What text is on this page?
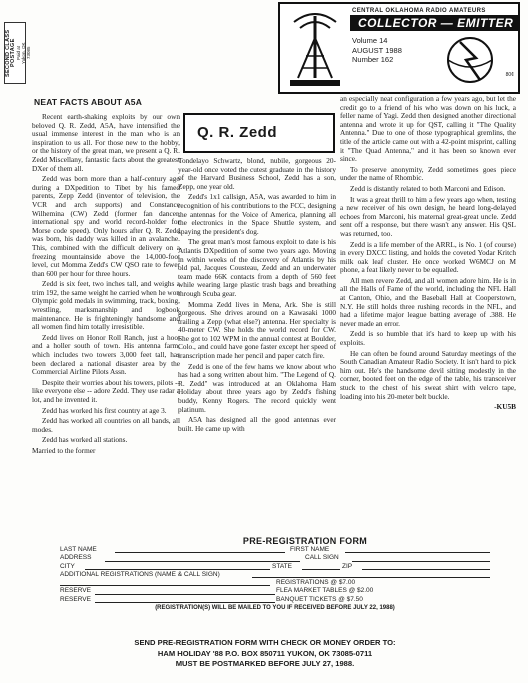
SECOND CLASS POSTAGE Paid at Yukon, OK 73085
CENTRAL OKLAHOMA RADIO AMATEURS
COLLECTOR — EMITTER
Volume 14
AUGUST 1988
Number 162
80¢
NEAT FACTS ABOUT A5A

Recent earth-shaking exploits by our own beloved Q. R. Zedd, A5A, have intensified the usual immense interest in the man who is an inspiration to us all. For those new to the hobby, or the history of the great man, we present a Q. R. Zedd Miscellany, fantastic facts about the greatest DXer of them all.

Zedd was born more than a half-century ago during a DXpedition to Tibet by his famed parents, Zepp Zedd (inventor of television, the VCR and arch supports) and Constance Wilhemina (CW) Zedd (former fan dancer, international spy and world record-holder for Morse code speed). Only hours after Q. R. Zedd was born, his daddy was killed in an avalanche. This, combined with the difficult delivery on a freezing mountainside above the 14,000-foot level, cut Momma Zedd's CW QSO rate to fewer than 600 per hour for three hours.

Zedd is six feet, two inches tall, and weighs a trim 192, the same weight he carried when he won Olympic gold medals in swimming, track, boxing, wrestling, marksmanship and logbook maintenance. He is frighteningly handsome and all women find him totally irresistible.

Zedd lives on Honor Roll Ranch, just a hoot and a holler south of town. His antenna farm, which includes two towers 3,000 feet tall, has been declared a national disaster area by the Commercial Airline Pilots Assn.

Despite their worries about his towers, pilots -- like everyone else -- adore Zedd. They use radar a lot, and he invented it.

Zedd has worked his first country at age 3.

Zedd has worked all countries on all bands, all modes.

Zedd has worked all stations.

Married to the former

Q. R. Zedd

Tondelayo Schwartz, blond, nubile, gorgeous 20-year-old once voted the cutest graduate in the history of the Harvard Business School, Zedd has a son, Zepp, one year old.

Zedd's 1x1 callsign, A5A, was awarded to him in recognition of his contributions to the FCC, designing the antennas for the Voice of America, planning all the electronics in the Space Shuttle system, and spaying the president's dog.

The great man's most famous exploit to date is his Atlantis DXpedition of some two years ago. Moving in within weeks of the discovery of Atlantis by his old pal, Jacques Cousteau, Zedd and an underwater team made 66K contacts from a depth of 560 feet while wearing large plastic trash bags and breathing through Scuba gear.

Momma Zedd lives in Mena, Ark. She is still gorgeous. She drives around on a Kawasaki 1000 trailing a Zepp (what else?) antenna. Her specialty is 40-meter CW. She holds the world record for CW. She got to 102 WPM in the annual contest at Boulder, Colo., and could have gone faster except her speed of transcription made her pencil and paper catch fire.

Zedd is one of the few hams we know about who has had a song written about him. "The Legend of Q. R. Zedd" was introduced at an Oklahoma Ham Holiday about three years ago by Zedd's fishing buddy, Kenny Rogers. The record quickly went platinum.

A5A has designed all the good antennas ever built. He came up with

an especially neat configuration a few years ago, but let the credit go to a friend of his who was down on his luck, a feller name of Yagi. Zedd then designed another directional antenna and wrote it up for QST, calling it "The Quality Antenna." Due to one of those typographical gremlins, the title of the article came out with a 42-point misprint, calling it "The Quad Antenna," and it has been so known ever since.

To preserve anonymity, Zedd sometimes goes piece under the name of Rhombic.

Zedd is distantly related to both Marconi and Edison.

It was a great thrill to him a few years ago when, testing a new receiver of his own design, he heard long-delayed echoes from Marconi, his maternal great-great uncle. Zedd sent off a response, but there wasn't any answer. His QSL was returned, too.

Zedd is a life member of the ARRL, is No. 1 (of course) in every DXCC listing, and holds the coveted Yodar Kritch milk oak leaf cluster. He once worked W6MCJ on M phone, a feat likely never to be equalled.

All men revere Zedd, and all women adore him. He is in all the Halls of Fame of the world, including the NFL Hall at Canton, Ohio, and the Baseball Hall at Cooperstown, N.Y. He still holds three rushing records in the NFL, and had a lifetime major league batting average of .388. He never made an error.

Zedd is so humble that it's hard to keep up with his exploits.

He can often be found around Saturday meetings of the South Canadian Amateur Radio Society. It isn't hard to pick him out. He's the handsome devil sitting modestly in the corner, booted feet on the edge of the table, his transceiver stuck to the chest of his sweat shirt with velcro tape, loading into his 20-meter belt buckle.

-KU5B

PRE-REGISTRATION FORM
LAST NAME	FIRST NAME
ADDRESS	CALL SIGN
CITY	STATE	ZIP
ADDITIONAL REGISTRATIONS (NAME & CALL SIGN)
REGISTRATIONS @ $7.00
RESERVE	FLEA MARKET TABLES @ $2.00
RESERVE	BANQUET TICKETS @ $7.50
(REGISTRATION(S) WILL BE MAILED TO YOU IF RECEIVED BEFORE JULY 22, 1988)
SEND PRE-REGISTRATION FORM WITH CHECK OR MONEY ORDER TO:
HAM HOLIDAY '88 P.O. BOX 850711 YUKON, OK 73085-0711
MUST BE POSTMARKED BEFORE JULY 27, 1988.
